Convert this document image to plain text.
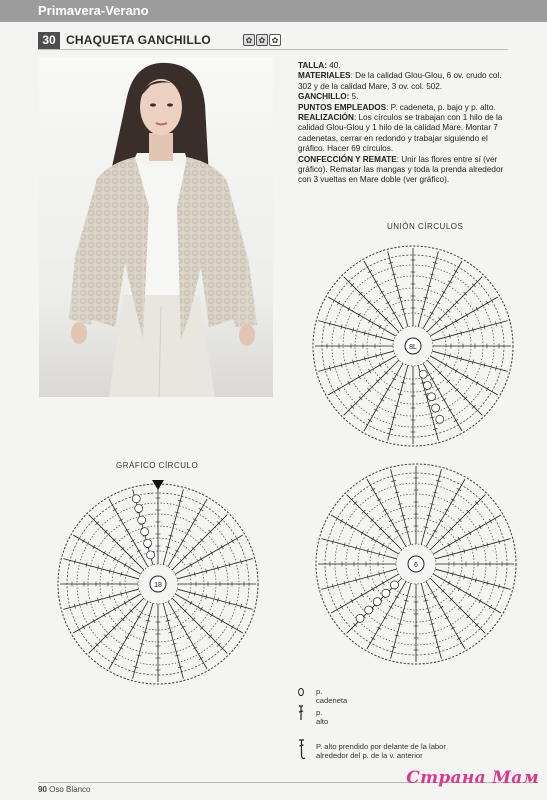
Primavera-Verano
30 CHAQUETA GANCHILLO	✿ ✿ ✿

TALLA: 40.

MATERIALES: De la calidad Glou-Glou, 6 ov. crudo col. 302 y de la calidad Mare, 3 ov. col. 502.

GANCHILLO: 5.

PUNTOS EMPLEADOS: P. cadeneta, p. bajo y p. alto.

REALIZACIÓN: Los círculos se trabajan con 1 hilo de la calidad Glou-Glou y 1 hilo de la calidad Mare. Montar 7 cadenetas, cerrar en redondo y trabajar siguiendo el gráfico. Hacer 69 círculos.

CONFECCIÓN Y REMATE: Unir las flores entre sí (ver gráfico). Rematar las mangas y toda la prenda alrededor con 3 vueltas en Mare doble (ver gráfico).

UNIÓN CÍRCULOS
GRÁFICO CÍRCULO
8L
6
18
p. cadeneta
p. alto
P. alto prendido por delante de la labor alrededor del p. de la v. anterior
90 Oso Blanco
Страна Мам
